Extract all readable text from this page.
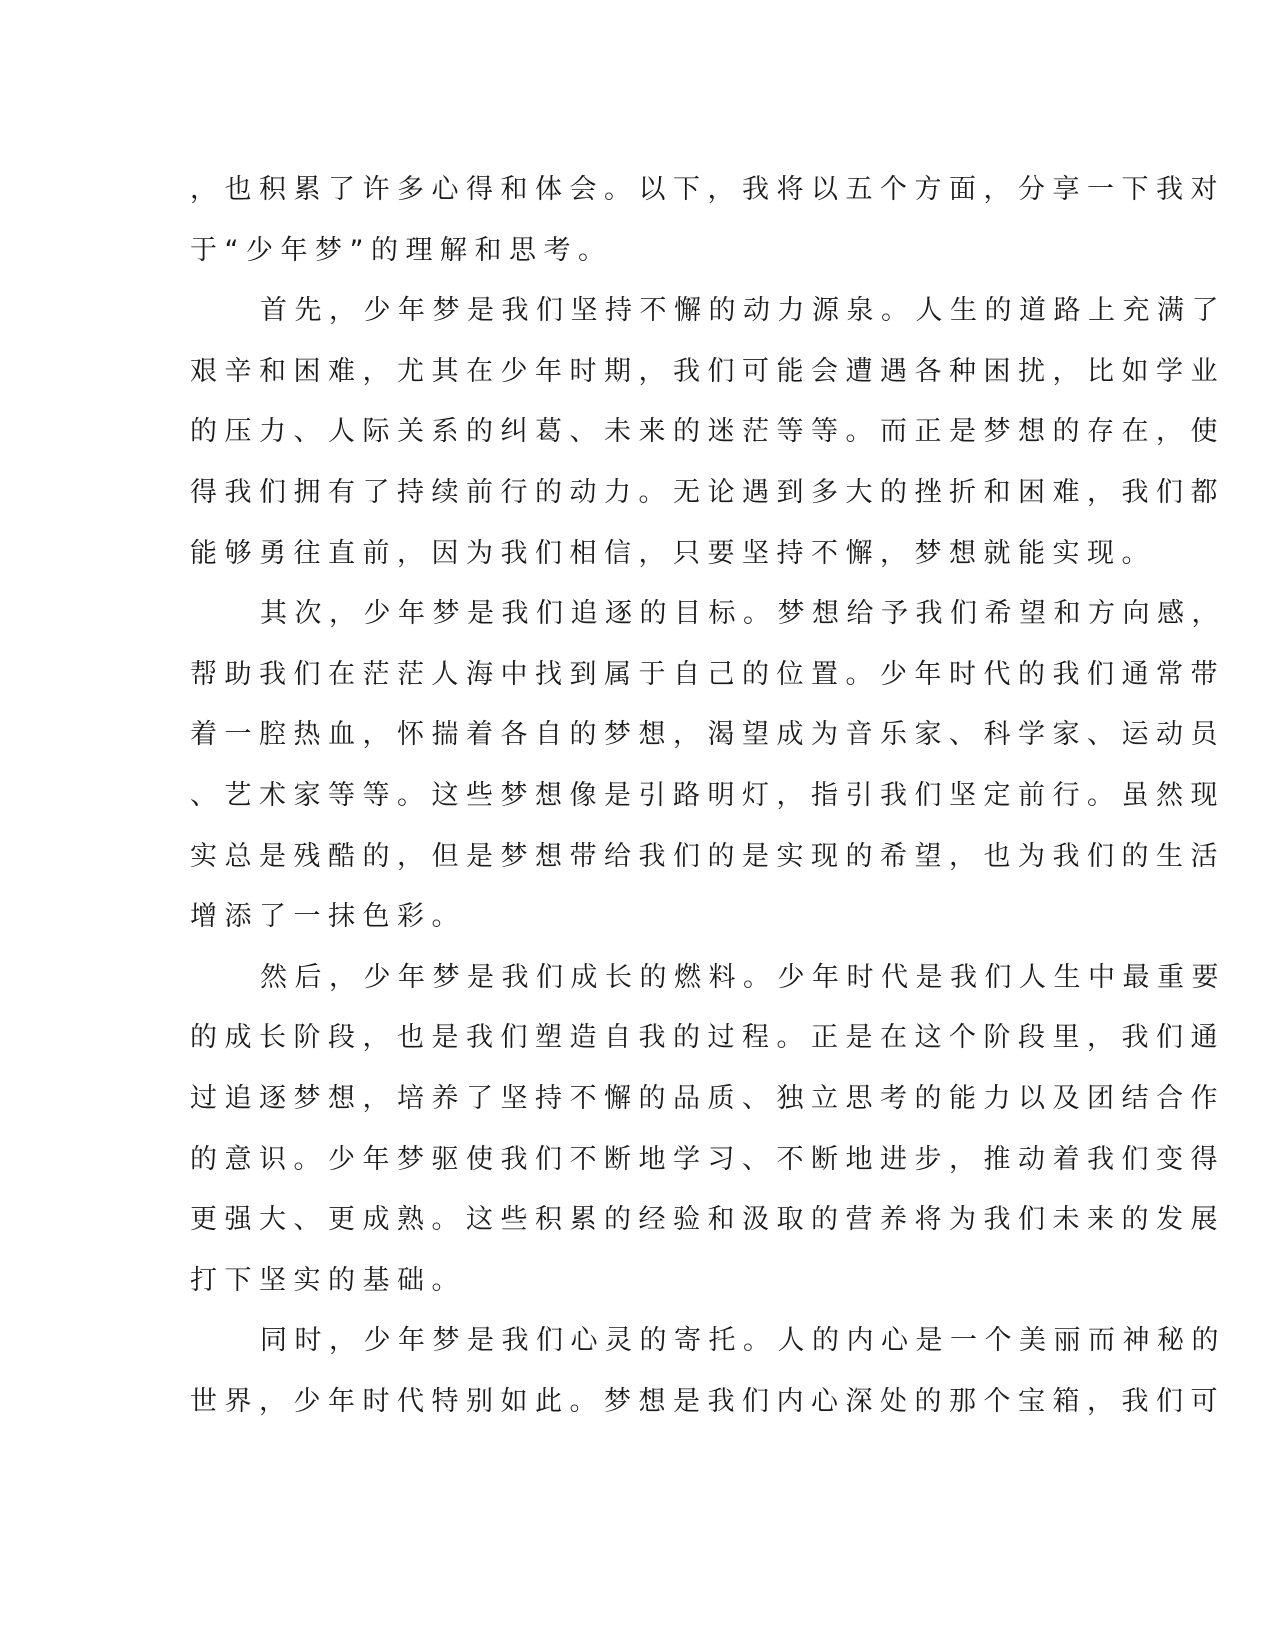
，也积累了许多心得和体会。以下，我将以五个方面，分享一下我对
于“少年梦”的理解和思考。
首先，少年梦是我们坚持不懈的动力源泉。人生的道路上充满了
艰辛和困难，尤其在少年时期，我们可能会遭遇各种困扰，比如学业
的压力、人际关系的纠葛、未来的迷茫等等。而正是梦想的存在，使
得我们拥有了持续前行的动力。无论遇到多大的挫折和困难，我们都
能够勇往直前，因为我们相信，只要坚持不懈，梦想就能实现。
其次，少年梦是我们追逐的目标。梦想给予我们希望和方向感，
帮助我们在茫茫人海中找到属于自己的位置。少年时代的我们通常带
着一腔热血，怀揣着各自的梦想，渴望成为音乐家、科学家、运动员
、艺术家等等。这些梦想像是引路明灯，指引我们坚定前行。虽然现
实总是残酷的，但是梦想带给我们的是实现的希望，也为我们的生活
增添了一抹色彩。
然后，少年梦是我们成长的燃料。少年时代是我们人生中最重要
的成长阶段，也是我们塑造自我的过程。正是在这个阶段里，我们通
过追逐梦想，培养了坚持不懈的品质、独立思考的能力以及团结合作
的意识。少年梦驱使我们不断地学习、不断地进步，推动着我们变得
更强大、更成熟。这些积累的经验和汲取的营养将为我们未来的发展
打下坚实的基础。
同时，少年梦是我们心灵的寄托。人的内心是一个美丽而神秘的
世界，少年时代特别如此。梦想是我们内心深处的那个宝箱，我们可
